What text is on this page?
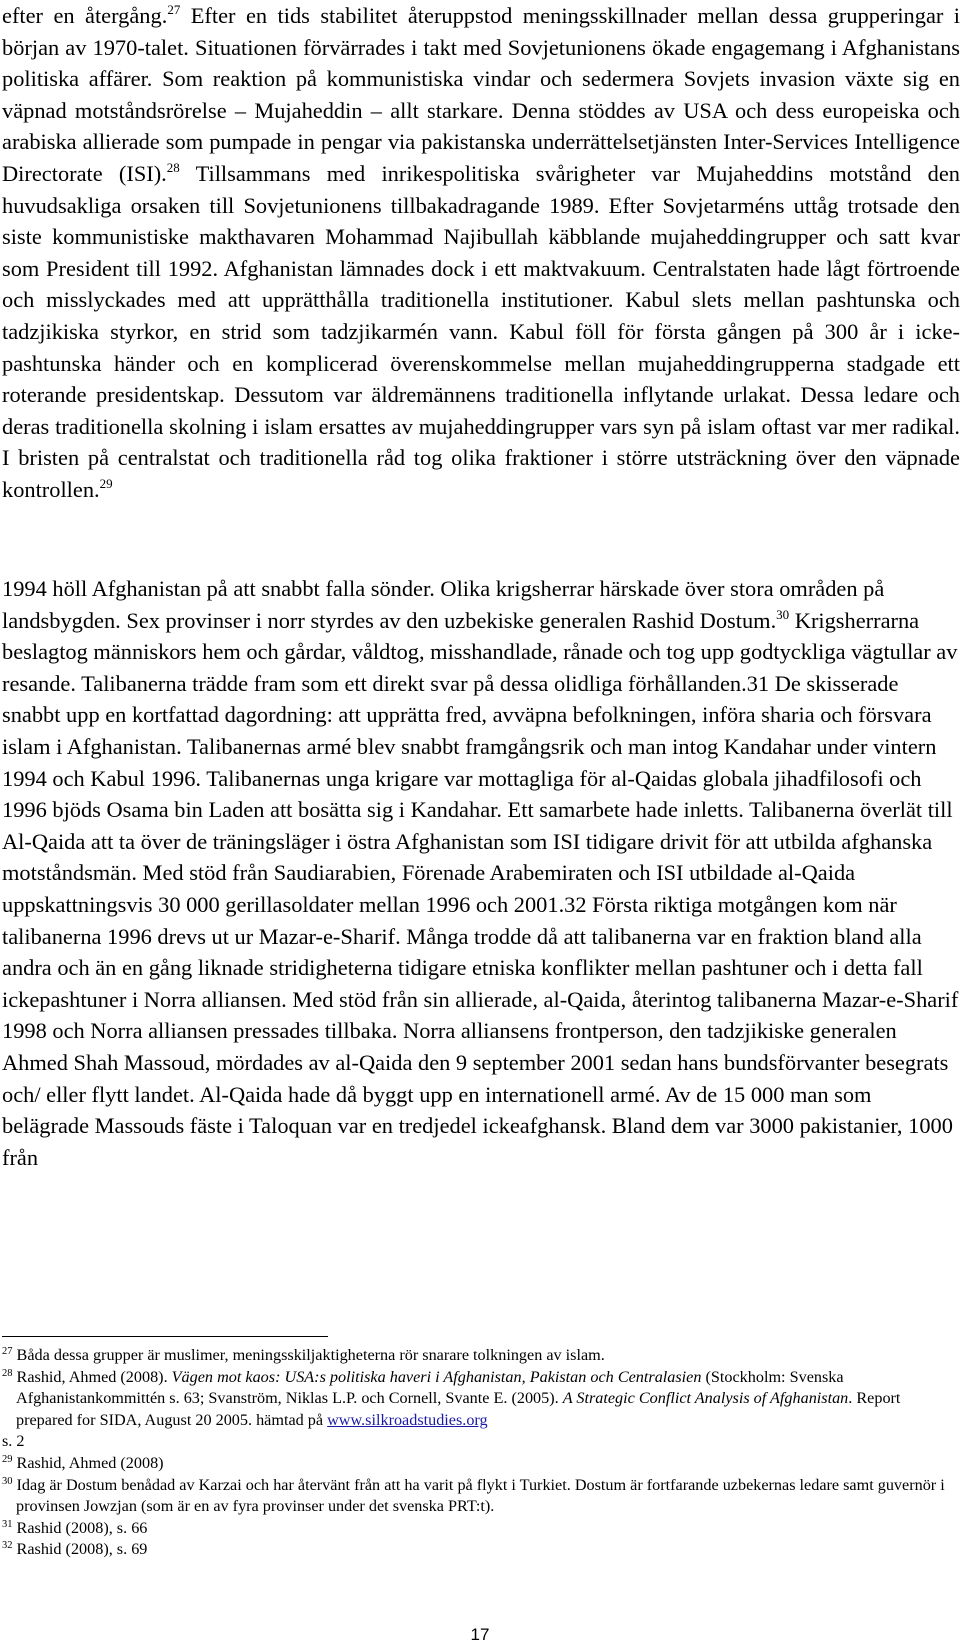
efter en återgång.$^{27}$ Efter en tids stabilitet återuppstod meningsskillnader mellan dessa grupperingar i början av 1970-talet. Situationen förvärrades i takt med Sovjetunionens ökade engagemang i Afghanistans politiska affärer. Som reaktion på kommunistiska vindar och sedermera Sovjets invasion växte sig en väpnad motståndsrörelse – Mujaheddin – allt starkare. Denna stöddes av USA och dess europeiska och arabiska allierade som pumpade in pengar via pakistanska underrättelsetjänsten Inter-Services Intelligence Directorate (ISI).$^{28}$ Tillsammans med inrikespolitiska svårigheter var Mujaheddins motstånd den huvudsakliga orsaken till Sovjetunionens tillbakadragande 1989. Efter Sovjetarméns uttåg trotsade den siste kommunistiske makthavaren Mohammad Najibullah käbblande mujaheddingrupper och satt kvar som President till 1992. Afghanistan lämnades dock i ett maktvakuum. Centralstaten hade lågt förtroende och misslyckades med att upprätthålla traditionella institutioner. Kabul slets mellan pashtunska och tadzjikiska styrkor, en strid som tadzjikarmén vann. Kabul föll för första gången på 300 år i icke-pashtunska händer och en komplicerad överenskommelse mellan mujaheddingrupperna stadgade ett roterande presidentskap. Dessutom var äldremännens traditionella inflytande urlakat. Dessa ledare och deras traditionella skolning i islam ersattes av mujaheddingrupper vars syn på islam oftast var mer radikal. I bristen på centralstat och traditionella råd tog olika fraktioner i större utsträckning över den väpnade kontrollen.$^{29}$

1994 höll Afghanistan på att snabbt falla sönder. Olika krigsherrar härskade över stora områden på landsbygden. Sex provinser i norr styrdes av den uzbekiske generalen Rashid Dostum.$^{30}$ Krigsherrarna beslagtog människors hem och gårdar, våldtog, misshandlade, rånade och tog upp godtyckliga vägtullar av resande. Talibanerna trädde fram som ett direkt svar på dessa olidliga förhållanden.31 De skisserade snabbt upp en kortfattad dagordning: att upprätta fred, avväpna befolkningen, införa sharia och försvara islam i Afghanistan. Talibanernas armé blev snabbt framgångsrik och man intog Kandahar under vintern 1994 och Kabul 1996. Talibanernas unga krigare var mottagliga för al-Qaidas globala jihadfilosofi och 1996 bjöds Osama bin Laden att bosätta sig i Kandahar. Ett samarbete hade inletts. Talibanerna överlät till Al-Qaida att ta över de träningsläger i östra Afghanistan som ISI tidigare drivit för att utbilda afghanska motståndsmän. Med stöd från Saudiarabien, Förenade Arabemiraten och ISI utbildade al-Qaida uppskattningsvis 30 000 gerillasoldater mellan 1996 och 2001.32 Första riktiga motgången kom när talibanerna 1996 drevs ut ur Mazar-e-Sharif. Många trodde då att talibanerna var en fraktion bland alla andra och än en gång liknade stridigheterna tidigare etniska konflikter mellan pashtuner och i detta fall ickepashtuner i Norra alliansen. Med stöd från sin allierade, al-Qaida, återintog talibanerna Mazar-e-Sharif 1998 och Norra alliansen pressades tillbaka. Norra alliansens frontperson, den tadzjikiske generalen Ahmed Shah Massoud, mördades av al-Qaida den 9 september 2001 sedan hans bundsförvanter besegrats och/ eller flytt landet. Al-Qaida hade då byggt upp en internationell armé. Av de 15 000 man som belägrade Massouds fäste i Taloquan var en tredjedel ickeafghansk. Bland dem var 3000 pakistanier, 1000 från

$^{27}$ Båda dessa grupper är muslimer, meningsskiljaktigheterna rör snarare tolkningen av islam.

$^{28}$ Rashid, Ahmed (2008). Vägen mot kaos: USA:s politiska haveri i Afghanistan, Pakistan och Centralasien (Stockholm: Svenska Afghanistankommittén s. 63; Svanström, Niklas L.P. och Cornell, Svante E. (2005). A Strategic Conflict Analysis of Afghanistan. Report prepared for SIDA, August 20 2005. hämtad på www.silkroadstudies.org

s. 2

$^{29}$ Rashid, Ahmed (2008)

$^{30}$ Idag är Dostum benådad av Karzai och har återvänt från att ha varit på flykt i Turkiet. Dostum är fortfarande uzbekernas ledare samt guvernör i provinsen Jowzjan (som är en av fyra provinser under det svenska PRT:t).

$^{31}$ Rashid (2008), s. 66

$^{32}$ Rashid (2008), s. 69

17
